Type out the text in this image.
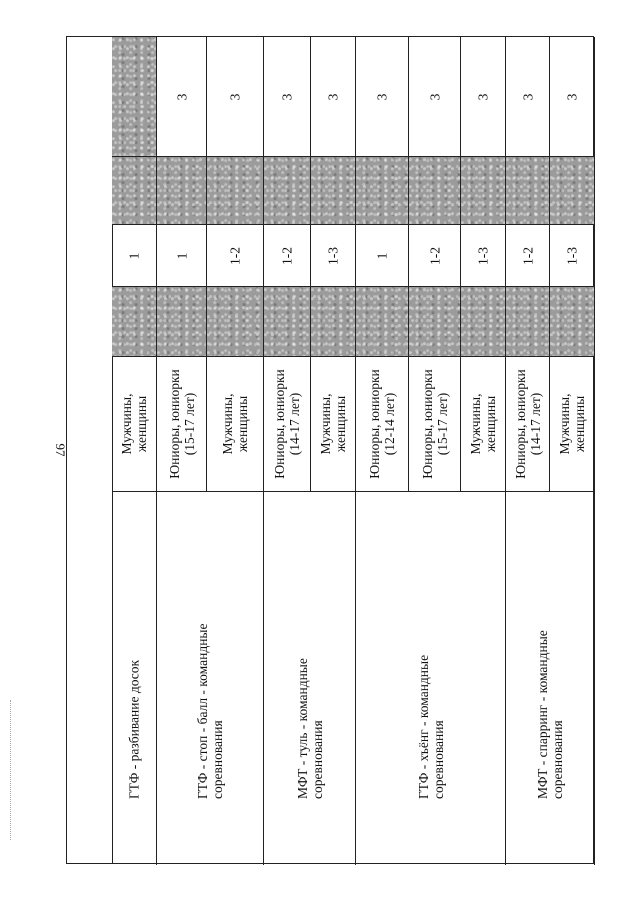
97
3
1-3
Мужчины,
женщины
3
1-2
Юниоры, юниорки
(14-17 лет)
МФТ - спарринг - командные
соревнования
3
1-3
Мужчины,
женщины
3
1-2
Юниоры, юниорки
(15-17 лет)
3
1
Юниоры, юниорки
(12-14 лет)
ГТФ - хъёнг - командные
соревнования
3
1-3
Мужчины,
женщины
3
1-2
Юниоры, юниорки
(14-17 лет)
МФТ - туль - командные
соревнования
3
1-2
Мужчины,
женщины
3
1
Юниоры, юниорки
(15-17 лет)
ГТФ - стоп - балл - командные
соревнования
1
Мужчины,
женщины
ГТФ - разбивание досок
